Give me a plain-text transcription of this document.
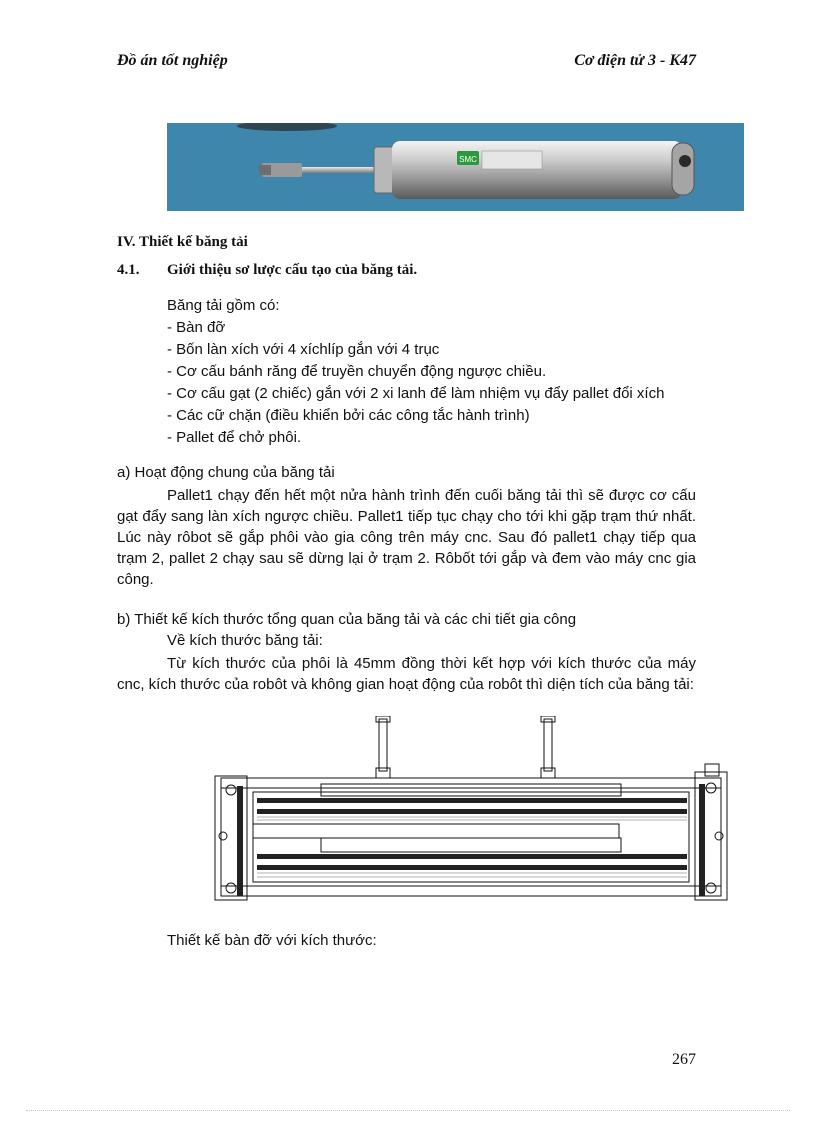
Đồ án tốt nghiệp	Cơ điện tử 3 - K47
SMC
IV. Thiết kế băng tải
4.1. Giới thiệu sơ lược cấu tạo của băng tải.
Băng tải gồm có:
- Bàn đỡ
- Bốn làn xích với 4 xíchlíp gắn với 4 trục
- Cơ cấu bánh răng để truyền chuyển động ngược chiều.
- Cơ cấu gạt (2 chiếc) gắn với 2 xi lanh để làm nhiệm vụ đẩy pallet đổi xích
- Các cữ chặn (điều khiển bởi các công tắc hành trình)
- Pallet để chở phôi.
a) Hoạt động chung của băng tải
Pallet1 chạy đến hết một nửa hành trình đến cuối băng tải thì sẽ được cơ cấu gạt đẩy sang làn xích ngược chiều. Pallet1 tiếp tục chạy cho tới khi gặp trạm thứ nhất. Lúc này rôbot sẽ gắp phôi vào gia công trên máy cnc. Sau đó pallet1 chạy tiếp qua trạm 2, pallet 2 chạy sau sẽ dừng lại ở trạm 2. Rôbốt tới gắp và đem vào máy cnc gia công.
b) Thiết kế kích thước tổng quan của băng tải và các chi tiết gia công
Về kích thước băng tải:
Từ kích thước của phôi là 45mm đồng thời kết hợp với kích thước của máy cnc, kích thước của robôt và không gian hoạt động của robôt thì diện tích của băng tải:
Thiết kế bàn đỡ với kích thước:
267
